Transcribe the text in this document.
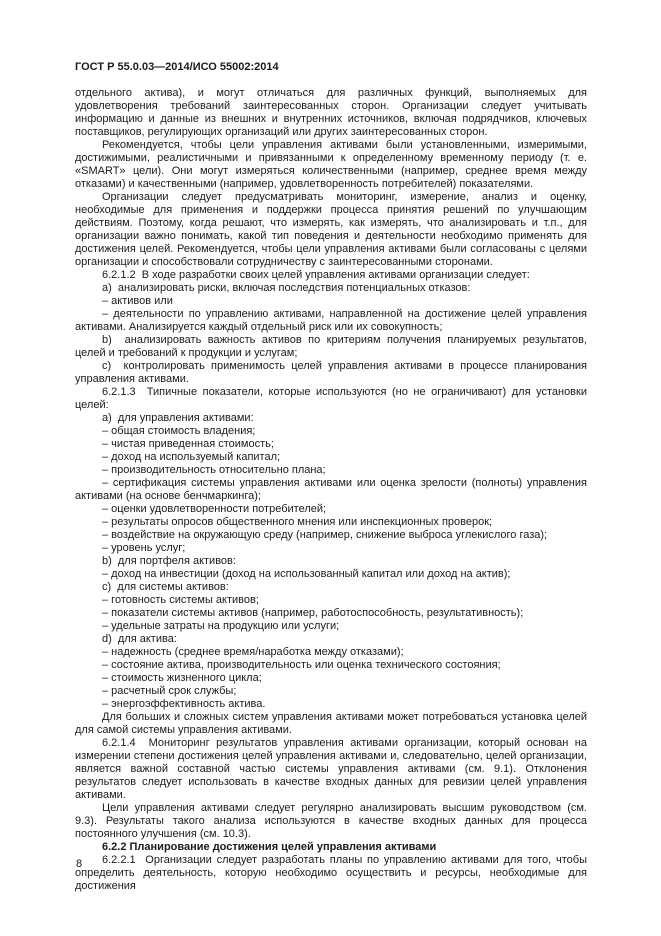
ГОСТ Р 55.0.03—2014/ИСО 55002:2014

отдельного актива), и могут отличаться для различных функций, выполняемых для удовлетворения требований заинтересованных сторон. Организации следует учитывать информацию и данные из внешних и внутренних источников, включая подрядчиков, ключевых поставщиков, регулирующих организаций или других заинтересованных сторон.

Рекомендуется, чтобы цели управления активами были установленными, измеримыми, достижимыми, реалистичными и привязанными к определенному временному периоду (т. е. «SMART» цели). Они могут измеряться количественными (например, среднее время между отказами) и качественными (например, удовлетворенность потребителей) показателями.

Организации следует предусматривать мониторинг, измерение, анализ и оценку, необходимые для применения и поддержки процесса принятия решений по улучшающим действиям. Поэтому, когда решают, что измерять, как измерять, что анализировать и т.п., для организации важно понимать, какой тип поведения и деятельности необходимо применять для достижения целей. Рекомендуется, чтобы цели управления активами были согласованы с целями организации и способствовали сотрудничеству с заинтересованными сторонами.

6.2.1.2  В ходе разработки своих целей управления активами организации следует:

а)  анализировать риски, включая последствия потенциальных отказов:

– активов или

– деятельности по управлению активами, направленной на достижение целей управления активами. Анализируется каждый отдельный риск или их совокупность;

b)  анализировать важность активов по критериям получения планируемых результатов, целей и требований к продукции и услугам;

c)  контролировать применимость целей управления активами в процессе планирования управления активами.

6.2.1.3  Типичные показатели, которые используются (но не ограничивают) для установки целей:

а)  для управления активами:

– общая стоимость владения;

– чистая приведенная стоимость;

– доход на используемый капитал;

– производительность относительно плана;

– сертификация системы управления активами или оценка зрелости (полноты) управления активами (на основе бенчмаркинга);

– оценки удовлетворенности потребителей;

– результаты опросов общественного мнения или инспекционных проверок;

– воздействие на окружающую среду (например, снижение выброса углекислого газа);

– уровень услуг;

b)  для портфеля активов:

– доход на инвестиции (доход на использованный капитал или доход на актив);

c)  для системы активов:

– готовность системы активов;

– показатели системы активов (например, работоспособность, результативность);

– удельные затраты на продукцию или услуги;

d)  для актива:

– надежность (среднее время/наработка между отказами);

– состояние актива, производительность или оценка технического состояния;

– стоимость жизненного цикла;

– расчетный срок службы;

– энергоэффективность актива.

Для больших и сложных систем управления активами может потребоваться установка целей для самой системы управления активами.

6.2.1.4  Мониторинг результатов управления активами организации, который основан на измерении степени достижения целей управления активами и, следовательно, целей организации, является важной составной частью системы управления активами (см. 9.1). Отклонения результатов следует использовать в качестве входных данных для ревизии целей управления активами.

Цели управления активами следует регулярно анализировать высшим руководством (см. 9.3). Результаты такого анализа используются в качестве входных данных для процесса постоянного улучшения (см. 10.3).

6.2.2 Планирование достижения целей управления активами

6.2.2.1  Организации следует разработать планы по управлению активами для того, чтобы определить деятельность, которую необходимо осуществить и ресурсы, необходимые для достижения

8
